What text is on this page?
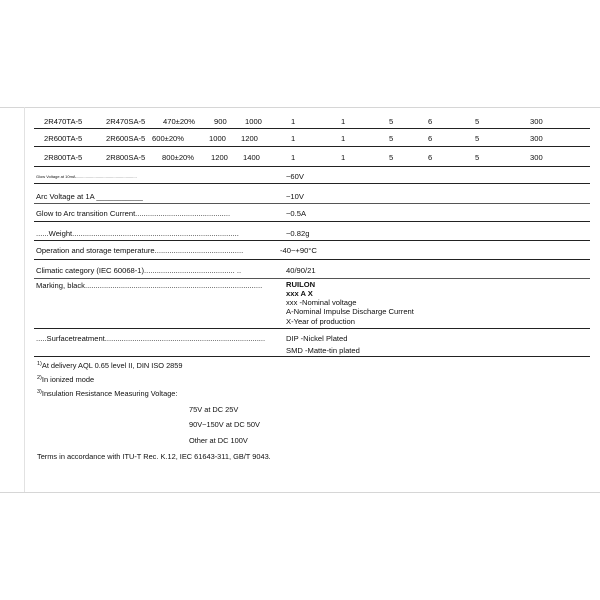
2R470TA-5	2R470SA-5 470±20% 900 1000	1	1	5	6	5	300
2R600TA-5	2R600SA-5 600±20%	1000 1200	1	1	5	6	5	300
2R800TA-5	2R800SA-5 800±20% 1200 1400	1	1	5	6	5	300
Glow Voltage at 10mA.......................................................	~60V
Arc Voltage at 1A ___________	~10V
Glow to Arc transition Current.............................................	~0.5A
......Weight...............................................................................	~0.82g
Operation and storage temperature..........................................	-40~+90°C
Climatic category (IEC 60068-1)........................................... ..	40/90/21
Marking, black....................................................................................	RUILON
xxx A X
xxx -Nominal voltage
A-Nominal Impulse Discharge Current
X-Year of production
.....Surfacetreatment............................................................................	DIP -Nickel Plated
SMD -Matte-tin plated
$^{1)}$At delivery AQL 0.65 level II, DIN ISO 2859
$^{2)}$In ionized mode
$^{3)}$Insulation Resistance Measuring Voltage:
75V at DC 25V
90V~150V at DC 50V
Other at DC 100V
Terms in accordance with ITU-T Rec. K.12, IEC 61643-311, GB/T 9043.
